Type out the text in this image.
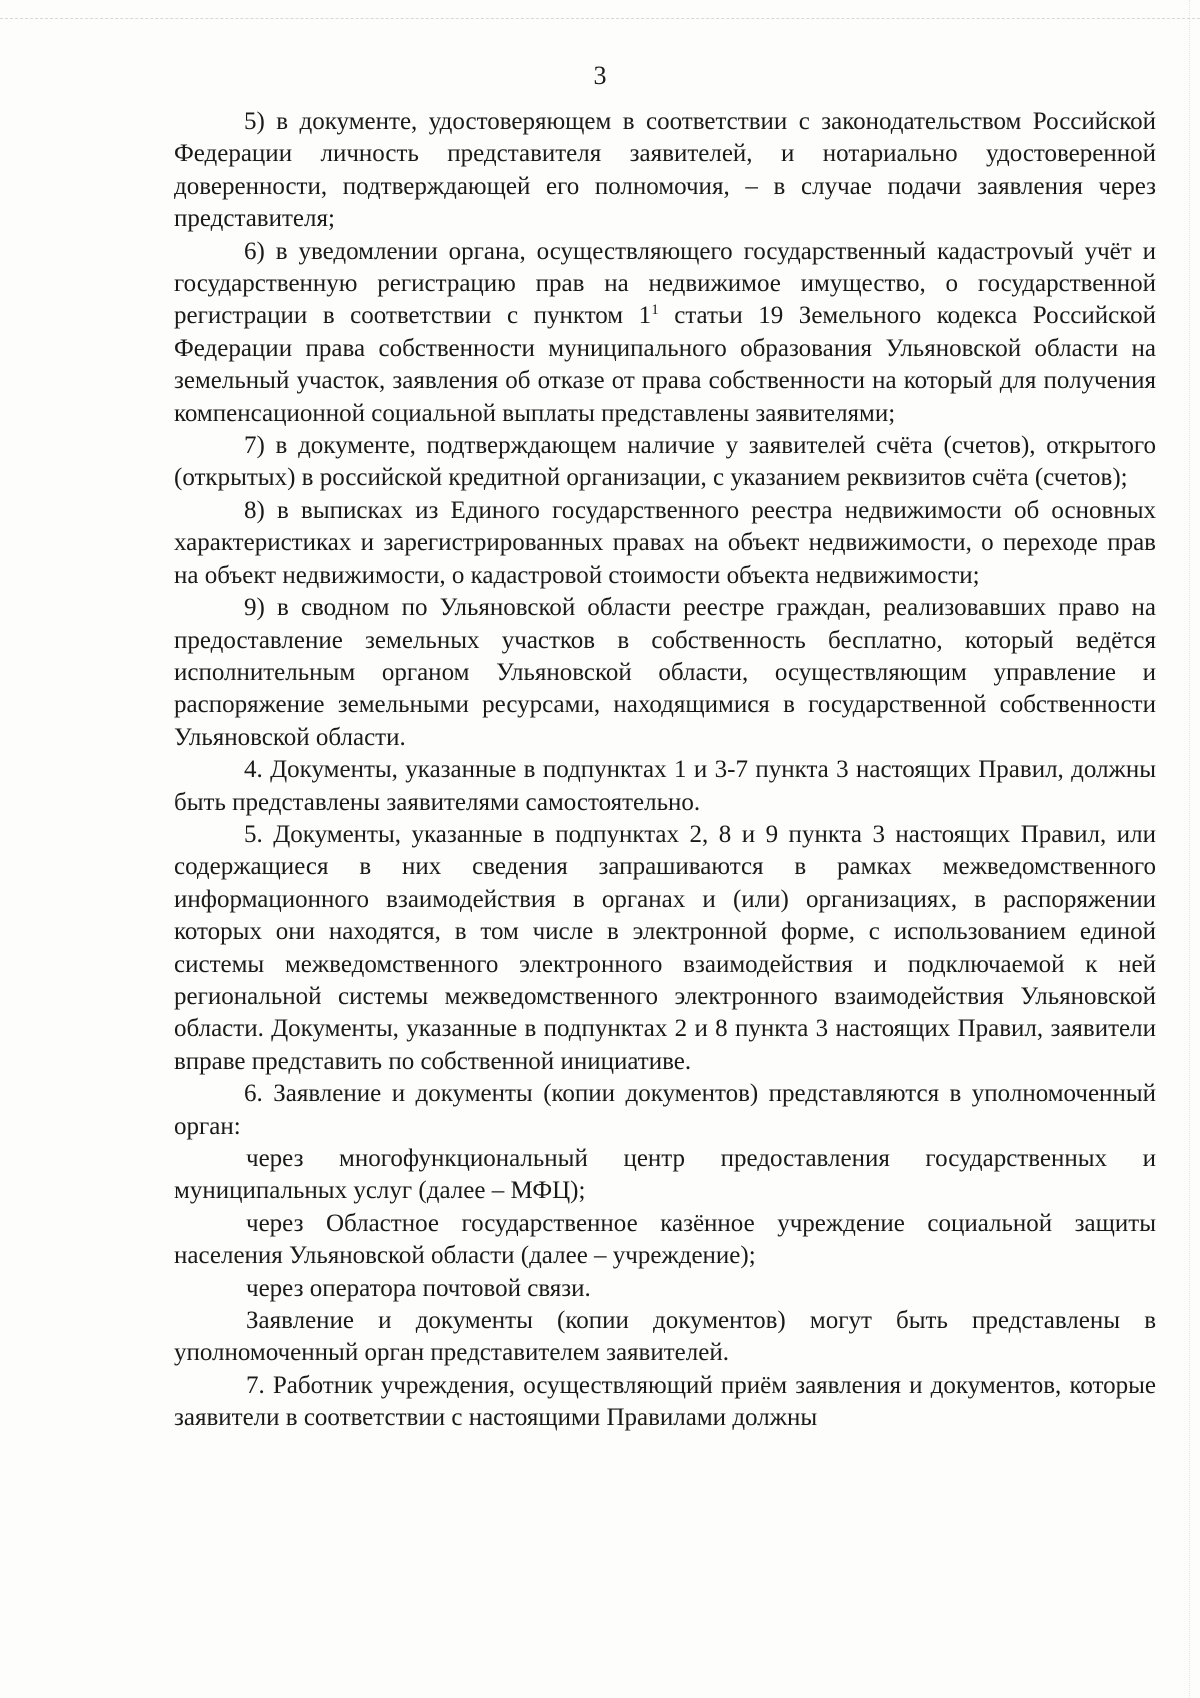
3

5) в документе, удостоверяющем в соответствии с законодательством Российской Федерации личность представителя заявителей, и нотариально удостоверенной доверенности, подтверждающей его полномочия, – в случае подачи заявления через представителя;

6) в уведомлении органа, осуществляющего государственный кадастроvый учёт и государственную регистрацию прав на недвижимое имущество, о государственной регистрации в соответствии с пунктом $1^1$ статьи 19 Земельного кодекса Российской Федерации права собственности муниципального образования Ульяновской области на земельный участок, заявления об отказе от права собственности на который для получения компенсационной социальной выплаты представлены заявителями;

7) в документе, подтверждающем наличие у заявителей счёта (счетов), открытого (открытых) в российской кредитной организации, с указанием реквизитов счёта (счетов);

8) в выписках из Единого государственного реестра недвижимости об основных характеристиках и зарегистрированных правах на объект недвижимости, о переходе прав на объект недвижимости, о кадастровой стоимости объекта недвижимости;

9) в сводном по Ульяновской области реестре граждан, реализовавших право на предоставление земельных участков в собственность бесплатно, который ведётся исполнительным органом Ульяновской области, осуществляющим управление и распоряжение земельными ресурсами, находящимися в государственной собственности Ульяновской области.

4. Документы, указанные в подпунктах 1 и 3-7 пункта 3 настоящих Правил, должны быть представлены заявителями самостоятельно.

5. Документы, указанные в подпунктах 2, 8 и 9 пункта 3 настоящих Правил, или содержащиеся в них сведения запрашиваются в рамках межведомственного информационного взаимодействия в органах и (или) организациях, в распоряжении которых они находятся, в том числе в электронной форме, с использованием единой системы межведомственного электронного взаимодействия и подключаемой к ней региональной системы межведомственного электронного взаимодействия Ульяновской области. Документы, указанные в подпунктах 2 и 8 пункта 3 настоящих Правил, заявители вправе представить по собственной инициативе.

6. Заявление и документы (копии документов) представляются в уполномоченный орган:

через многофункциональный центр предоставления государственных и муниципальных услуг (далее – МФЦ);

через Областное государственное казённое учреждение социальной защиты населения Ульяновской области (далее – учреждение);

через оператора почтовой связи.

Заявление и документы (копии документов) могут быть представлены в уполномоченный орган представителем заявителей.

7. Работник учреждения, осуществляющий приём заявления и документов, которые заявители в соответствии с настоящими Правилами должны
